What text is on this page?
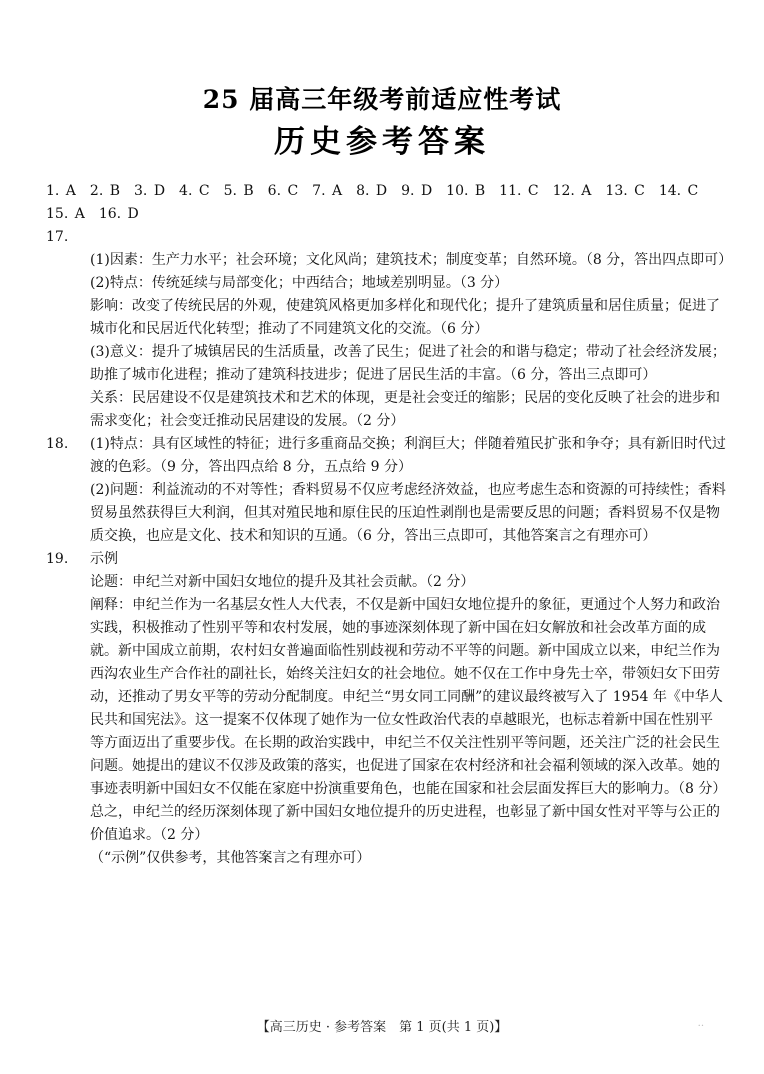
25 届高三年级考前适应性考试
历史参考答案

1. A　2. B　3. D　4. C　5. B　6. C　7. A　8. D　9. D　10. B　11. C　12. A　13. C　14. C

15. A　16. D

17.(1)因素：生产力水平；社会环境；文化风尚；建筑技术；制度变革；自然环境。（8 分，答出四点即可）

(2)特点：传统延续与局部变化；中西结合；地域差别明显。（3 分）

影响：改变了传统民居的外观，使建筑风格更加多样化和现代化；提升了建筑质量和居住质量；促进了城市化和民居近代化转型；推动了不同建筑文化的交流。（6 分）

(3)意义：提升了城镇居民的生活质量，改善了民生；促进了社会的和谐与稳定；带动了社会经济发展；助推了城市化进程；推动了建筑科技进步；促进了居民生活的丰富。（6 分，答出三点即可）

关系：民居建设不仅是建筑技术和艺术的体现，更是社会变迁的缩影；民居的变化反映了社会的进步和需求变化；社会变迁推动民居建设的发展。（2 分）

18. (1)特点：具有区域性的特征；进行多重商品交换；利润巨大；伴随着殖民扩张和争夺；具有新旧时代过渡的色彩。（9 分，答出四点给 8 分，五点给 9 分）

(2)问题：利益流动的不对等性；香料贸易不仅应考虑经济效益，也应考虑生态和资源的可持续性；香料贸易虽然获得巨大利润，但其对殖民地和原住民的压迫性剥削也是需要反思的问题；香料贸易不仅是物质交换，也应是文化、技术和知识的互通。（6 分，答出三点即可，其他答案言之有理亦可）

19. 示例

论题：申纪兰对新中国妇女地位的提升及其社会贡献。（2 分）

阐释：申纪兰作为一名基层女性人大代表，不仅是新中国妇女地位提升的象征，更通过个人努力和政治实践，积极推动了性别平等和农村发展，她的事迹深刻体现了新中国在妇女解放和社会改革方面的成就。新中国成立前期，农村妇女普遍面临性别歧视和劳动不平等的问题。新中国成立以来，申纪兰作为西沟农业生产合作社的副社长，始终关注妇女的社会地位。她不仅在工作中身先士卒，带领妇女下田劳动，还推动了男女平等的劳动分配制度。申纪兰“男女同工同酬”的建议最终被写入了 1954 年《中华人民共和国宪法》。这一提案不仅体现了她作为一位女性政治代表的卓越眼光，也标志着新中国在性别平等方面迈出了重要步伐。在长期的政治实践中，申纪兰不仅关注性别平等问题，还关注广泛的社会民生问题。她提出的建议不仅涉及政策的落实，也促进了国家在农村经济和社会福利领域的深入改革。她的事迹表明新中国妇女不仅能在家庭中扮演重要角色，也能在国家和社会层面发挥巨大的影响力。（8 分）

总之，申纪兰的经历深刻体现了新中国妇女地位提升的历史进程，也彰显了新中国女性对平等与公正的价值追求。（2 分）

（“示例”仅供参考，其他答案言之有理亦可）

【高三历史 · 参考答案　第 1 页(共 1 页)】	..
